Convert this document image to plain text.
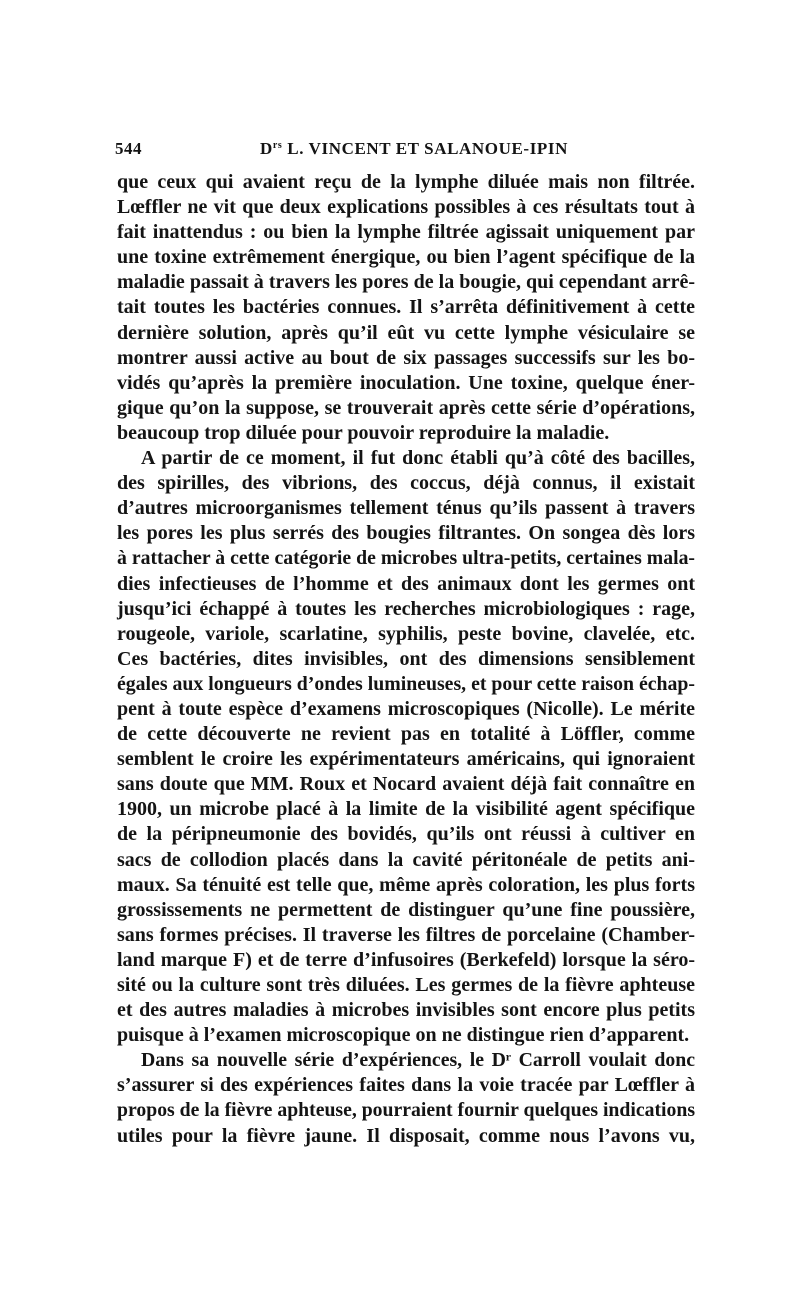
544	$D^{rs}$ L. VINCENT ET SALANOUE-IPIN
que ceux qui avaient reçu de la lymphe diluée mais non filtrée.
Lœffler ne vit que deux explications possibles à ces résultats tout à
fait inattendus : ou bien la lymphe filtrée agissait uniquement par
une toxine extrêmement énergique, ou bien l’agent spécifique de la
maladie passait à travers les pores de la bougie, qui cependant arrê-
tait toutes les bactéries connues. Il s’arrêta définitivement à cette
dernière solution, après qu’il eût vu cette lymphe vésiculaire se
montrer aussi active au bout de six passages successifs sur les bo-
vidés qu’après la première inoculation. Une toxine, quelque éner-
gique qu’on la suppose, se trouverait après cette série d’opérations,
beaucoup trop diluée pour pouvoir reproduire la maladie.
A partir de ce moment, il fut donc établi qu’à côté des bacilles,
des spirilles, des vibrions, des coccus, déjà connus, il existait
d’autres microorganismes tellement ténus qu’ils passent à travers
les pores les plus serrés des bougies filtrantes. On songea dès lors
à rattacher à cette catégorie de microbes ultra-petits, certaines mala-
dies infectieuses de l’homme et des animaux dont les germes ont
jusqu’ici échappé à toutes les recherches microbiologiques : rage,
rougeole, variole, scarlatine, syphilis, peste bovine, clavelée, etc.
Ces bactéries, dites invisibles, ont des dimensions sensiblement
égales aux longueurs d’ondes lumineuses, et pour cette raison échap-
pent à toute espèce d’examens microscopiques (Nicolle). Le mérite
de cette découverte ne revient pas en totalité à Löffler, comme
semblent le croire les expérimentateurs américains, qui ignoraient
sans doute que MM. Roux et Nocard avaient déjà fait connaître en
1900, un microbe placé à la limite de la visibilité agent spécifique
de la péripneumonie des bovidés, qu’ils ont réussi à cultiver en
sacs de collodion placés dans la cavité péritonéale de petits ani-
maux. Sa ténuité est telle que, même après coloration, les plus forts
grossissements ne permettent de distinguer qu’une fine poussière,
sans formes précises. Il traverse les filtres de porcelaine (Chamber-
land marque F) et de terre d’infusoires (Berkefeld) lorsque la séro-
sité ou la culture sont très diluées. Les germes de la fièvre aphteuse
et des autres maladies à microbes invisibles sont encore plus petits
puisque à l’examen microscopique on ne distingue rien d’apparent.
Dans sa nouvelle série d’expériences, le Dʳ Carroll voulait donc
s’assurer si des expériences faites dans la voie tracée par Lœffler à
propos de la fièvre aphteuse, pourraient fournir quelques indications
utiles pour la fièvre jaune. Il disposait, comme nous l’avons vu,
